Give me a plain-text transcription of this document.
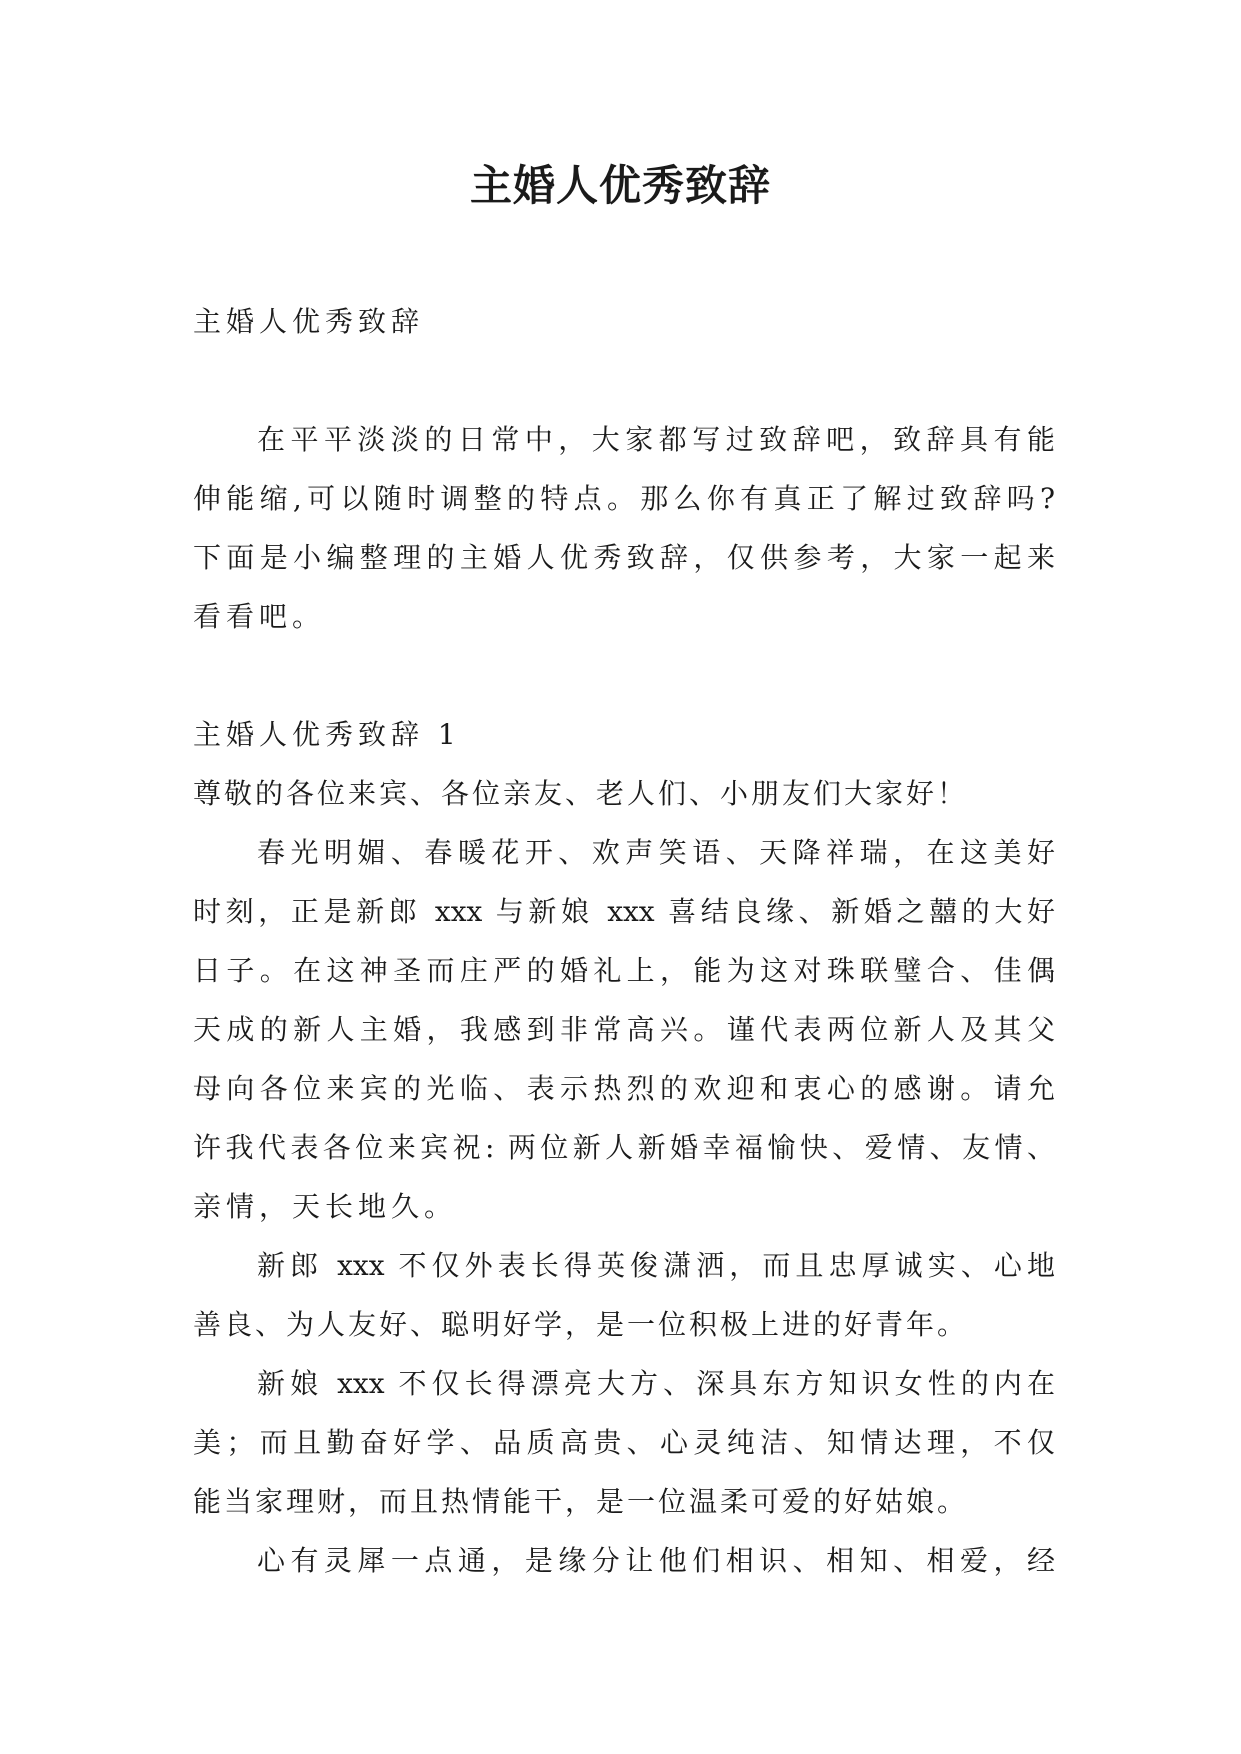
主婚人优秀致辞
主婚人优秀致辞
在平平淡淡的日常中，大家都写过致辞吧，致辞具有能
伸能缩,可以随时调整的特点。那么你有真正了解过致辞吗?
下面是小编整理的主婚人优秀致辞，仅供参考，大家一起来
看看吧。
主婚人优秀致辞 1
尊敬的各位来宾、各位亲友、老人们、小朋友们大家好！
春光明媚、春暖花开、欢声笑语、天降祥瑞，在这美好
时刻，正是新郎 xxx 与新娘 xxx 喜结良缘、新婚之囍的大好
日子。在这神圣而庄严的婚礼上，能为这对珠联璧合、佳偶
天成的新人主婚，我感到非常高兴。谨代表两位新人及其父
母向各位来宾的光临、表示热烈的欢迎和衷心的感谢。请允
许我代表各位来宾祝: 两位新人新婚幸福愉快、爱情、友情、
亲情，天长地久。
新郎 xxx 不仅外表长得英俊潇洒，而且忠厚诚实、心地
善良、为人友好、聪明好学，是一位积极上进的好青年。
新娘 xxx 不仅长得漂亮大方、深具东方知识女性的内在
美；而且勤奋好学、品质高贵、心灵纯洁、知情达理，不仅
能当家理财，而且热情能干，是一位温柔可爱的好姑娘。
心有灵犀一点通，是缘分让他们相识、相知、相爱，经
